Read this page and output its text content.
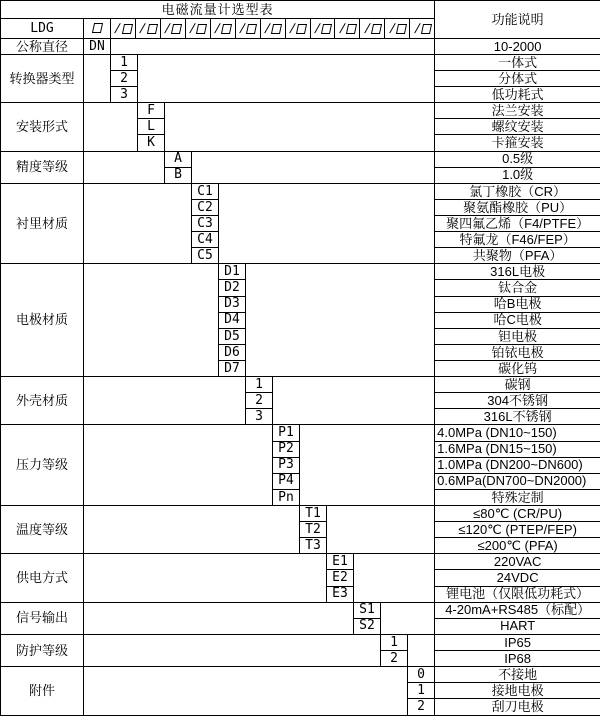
电磁流量计选型表														功能说明
LDG		/ / / / / / / / / / / / /

公称直径	DN													10-2000
转换器类型		1												一体式
		2												分体式
		3												低功耗式
安装形式			F											法兰安装
			L											螺纹安装
			K											卡箍安装
精度等级				A										0.5级
				B										1.0级
衬里材质					C1									氯丁橡胶（CR）
					C2									聚氨酯橡胶（PU）
					C3									聚四氟乙烯（F4/PTFE）
					C4									特氟龙（F46/FEP）
					C5									共聚物（PFA）
电极材质						D1								316L电极
						D2								钛合金
						D3								哈B电极
						D4								哈C电极
						D5								钽电极
						D6								铂铱电极
						D7								碳化钨
外壳材质							1							碳钢
							2							304不锈钢
							3							316L不锈钢
压力等级								P1						4.0MPa (DN10~150)
								P2						1.6MPa (DN15~150)
								P3						1.0MPa (DN200~DN600)
								P4						0.6MPa(DN700~DN2000)
								Pn						特殊定制
温度等级									T1					≤80℃ (CR/PU)
									T2					≤120℃ (PTEP/FEP)
									T3					≤200℃ (PFA)
供电方式										E1				220VAC
										E2				24VDC
										E3				锂电池（仅限低功耗式）
信号输出											S1			4-20mA+RS485（标配）
											S2			HART
防护等级												1		IP65
												2		IP68
附件													0	不接地
													1	接地电极
													2	刮刀电极
